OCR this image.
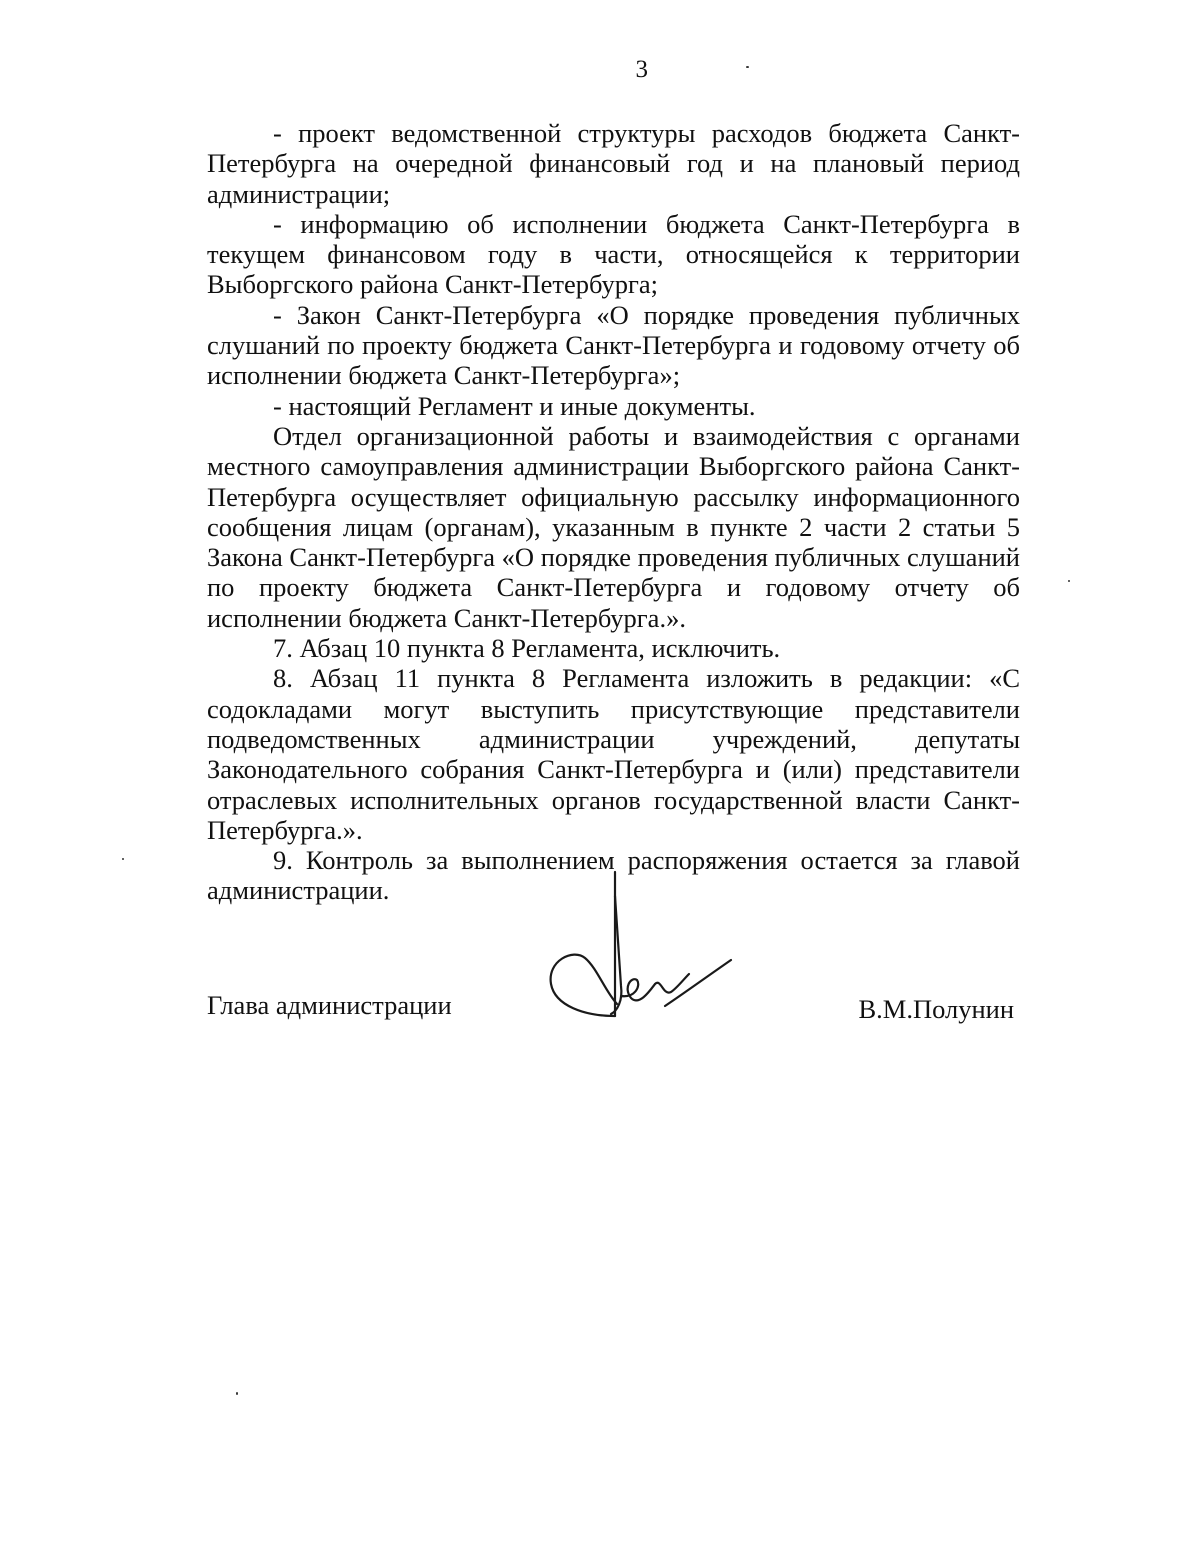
3

- проект ведомственной структуры расходов бюджета Санкт-Петербурга на очередной финансовый год и на плановый период администрации;

- информацию об исполнении бюджета Санкт-Петербурга в текущем финансовом году в части, относящейся к территории Выборгского района Санкт-Петербурга;

- Закон Санкт-Петербурга «О порядке проведения публичных слушаний по проекту бюджета Санкт-Петербурга и годовому отчету об исполнении бюджета Санкт-Петербурга»;

- настоящий Регламент и иные документы.

Отдел организационной работы и взаимодействия с органами местного самоуправления администрации Выборгского района Санкт-Петербурга осуществляет официальную рассылку информационного сообщения лицам (органам), указанным в пункте 2 части 2 статьи 5 Закона Санкт-Петербурга «О порядке проведения публичных слушаний по проекту бюджета Санкт-Петербурга и годовому отчету об исполнении бюджета Санкт-Петербурга.».

7. Абзац 10 пункта 8 Регламента, исключить.

8. Абзац 11 пункта 8 Регламента изложить в редакции: «С содокладами могут выступить присутствующие представители подведомственных администрации учреждений, депутаты Законодательного собрания Санкт-Петербурга и (или) представители отраслевых исполнительных органов государственной власти Санкт-Петербурга.».

9. Контроль за выполнением распоряжения остается за главой администрации.

Глава администрации	В.М.Полунин
